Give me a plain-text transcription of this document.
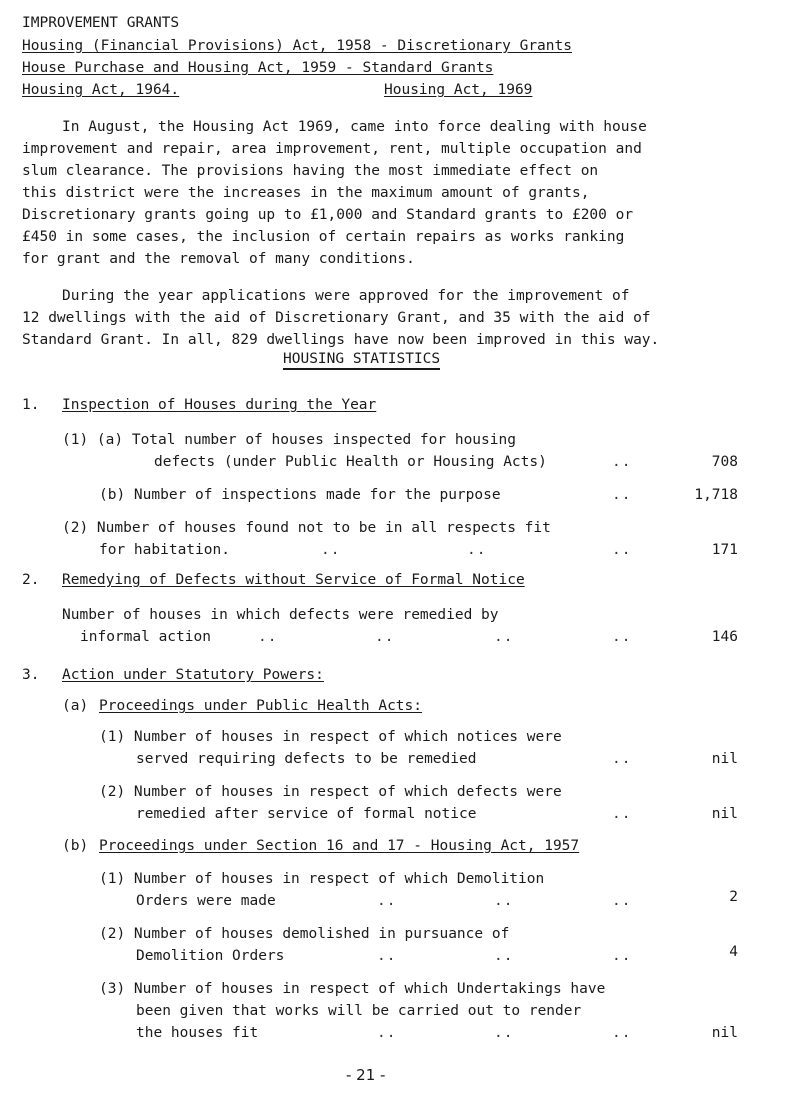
IMPROVEMENT GRANTS
Housing (Financial Provisions) Act, 1958 - Discretionary Grants
House Purchase and Housing Act, 1959 - Standard Grants
Housing Act, 1964.	Housing Act, 1969
In August, the Housing Act 1969, came into force dealing with house
improvement and repair, area improvement, rent, multiple occupation and
slum clearance. The provisions having the most immediate effect on
this district were the increases in the maximum amount of grants,
Discretionary grants going up to £1,000 and Standard grants to £200 or
£450 in some cases, the inclusion of certain repairs as works ranking
for grant and the removal of many conditions.
During the year applications were approved for the improvement of
12 dwellings with the aid of Discretionary Grant, and 35 with the aid of
Standard Grant. In all, 829 dwellings have now been improved in this way.
HOUSING STATISTICS
1. Inspection of Houses during the Year
(1) (a) Total number of houses inspected for housing
defects (under Public Health or Housing Acts)	..	708
(b) Number of inspections made for the purpose	..	1,718
(2) Number of houses found not to be in all respects fit
for habitation.	..	..	..	171
2. Remedying of Defects without Service of Formal Notice
Number of houses in which defects were remedied by
informal action	..	..	..	..	146
3. Action under Statutory Powers:
(a) Proceedings under Public Health Acts:
(1) Number of houses in respect of which notices were
served requiring defects to be remedied	..	nil
(2) Number of houses in respect of which defects were
remedied after service of formal notice	..	nil
(b) Proceedings under Section 16 and 17 - Housing Act, 1957
(1) Number of houses in respect of which Demolition
Orders were made	..	..	..	2
(2) Number of houses demolished in pursuance of
Demolition Orders	..	..	..	4
(3) Number of houses in respect of which Undertakings have
been given that works will be carried out to render
the houses fit	..	..	..	nil
- 21 -
